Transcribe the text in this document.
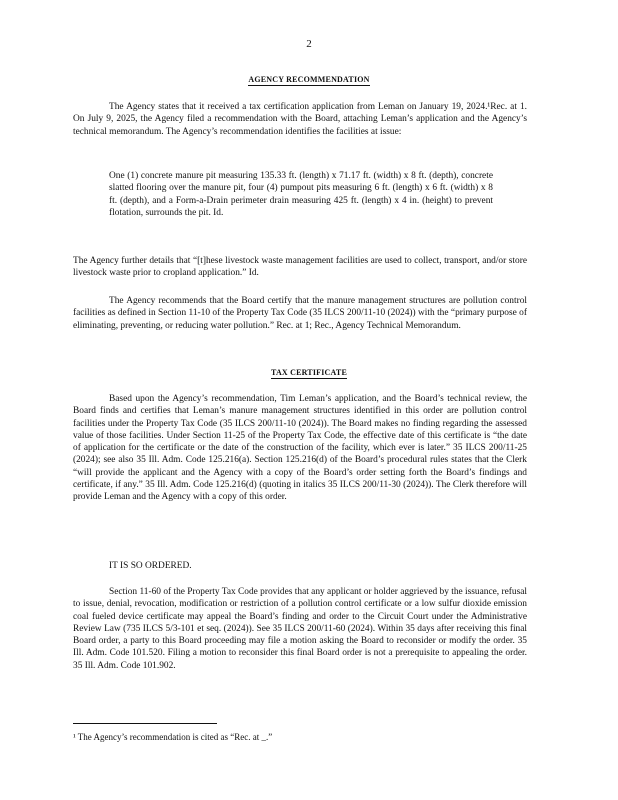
2
AGENCY RECOMMENDATION

The Agency states that it received a tax certification application from Leman on January 19, 2024.¹Rec. at 1. On July 9, 2025, the Agency filed a recommendation with the Board, attaching Leman’s application and the Agency’s technical memorandum. The Agency’s recommendation identifies the facilities at issue:

One (1) concrete manure pit measuring 135.33 ft. (length) x 71.17 ft. (width) x 8 ft. (depth), concrete slatted flooring over the manure pit, four (4) pumpout pits measuring 6 ft. (length) x 6 ft. (width) x 8 ft. (depth), and a Form-a-Drain perimeter drain measuring 425 ft. (length) x 4 in. (height) to prevent flotation, surrounds the pit. Id.

The Agency further details that “[t]hese livestock waste management facilities are used to collect, transport, and/or store livestock waste prior to cropland application.” Id.

The Agency recommends that the Board certify that the manure management structures are pollution control facilities as defined in Section 11-10 of the Property Tax Code (35 ILCS 200/11-10 (2024)) with the “primary purpose of eliminating, preventing, or reducing water pollution.” Rec. at 1; Rec., Agency Technical Memorandum.

TAX CERTIFICATE

Based upon the Agency’s recommendation, Tim Leman’s application, and the Board’s technical review, the Board finds and certifies that Leman’s manure management structures identified in this order are pollution control facilities under the Property Tax Code (35 ILCS 200/11-10 (2024)). The Board makes no finding regarding the assessed value of those facilities. Under Section 11-25 of the Property Tax Code, the effective date of this certificate is “the date of application for the certificate or the date of the construction of the facility, which ever is later.” 35 ILCS 200/11-25 (2024); see also 35 Ill. Adm. Code 125.216(a). Section 125.216(d) of the Board’s procedural rules states that the Clerk “will provide the applicant and the Agency with a copy of the Board’s order setting forth the Board’s findings and certificate, if any.” 35 Ill. Adm. Code 125.216(d) (quoting in italics 35 ILCS 200/11-30 (2024)). The Clerk therefore will provide Leman and the Agency with a copy of this order.

IT IS SO ORDERED.

Section 11-60 of the Property Tax Code provides that any applicant or holder aggrieved by the issuance, refusal to issue, denial, revocation, modification or restriction of a pollution control certificate or a low sulfur dioxide emission coal fueled device certificate may appeal the Board’s finding and order to the Circuit Court under the Administrative Review Law (735 ILCS 5/3-101 et seq. (2024)). See 35 ILCS 200/11-60 (2024). Within 35 days after receiving this final Board order, a party to this Board proceeding may file a motion asking the Board to reconsider or modify the order. 35 Ill. Adm. Code 101.520. Filing a motion to reconsider this final Board order is not a prerequisite to appealing the order. 35 Ill. Adm. Code 101.902.

¹ The Agency’s recommendation is cited as “Rec. at _.”
